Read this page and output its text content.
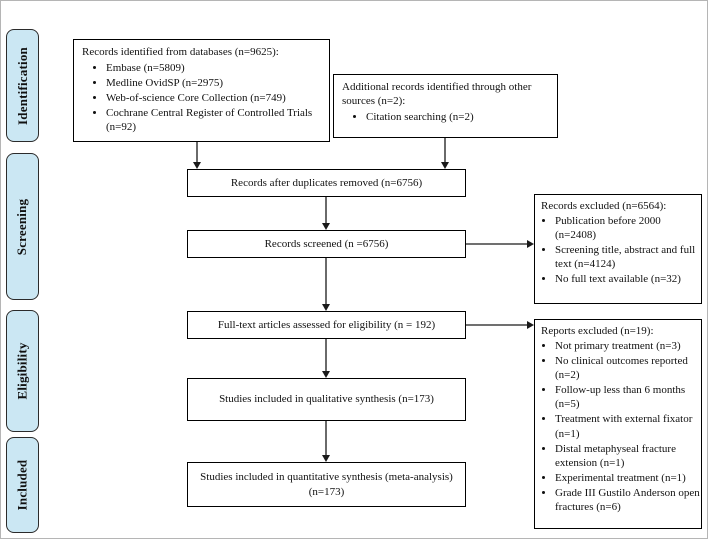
Identification
Screening
Eligibility
Included
Records identified from databases (n=9625):
• Embase (n=5809)
• Medline OvidSP (n=2975)
• Web-of-science Core Collection (n=749)
• Cochrane Central Register of Controlled Trials (n=92)
Additional records identified through other sources (n=2):
• Citation searching (n=2)
Records after duplicates removed (n=6756)
Records screened (n =6756)
Records excluded (n=6564):
• Publication before 2000 (n=2408)
• Screening title, abstract and full text (n=4124)
• No full text available (n=32)
Full-text articles assessed for eligibility (n = 192)
Reports excluded (n=19):
• Not primary treatment (n=3)
• No clinical outcomes reported (n=2)
• Follow-up less than 6 months (n=5)
• Treatment with external fixator (n=1)
• Distal metaphyseal fracture extension (n=1)
• Experimental treatment (n=1)
• Grade III Gustilo Anderson open fractures (n=6)
Studies included in qualitative synthesis (n=173)
Studies included in quantitative synthesis (meta-analysis) (n=173)
